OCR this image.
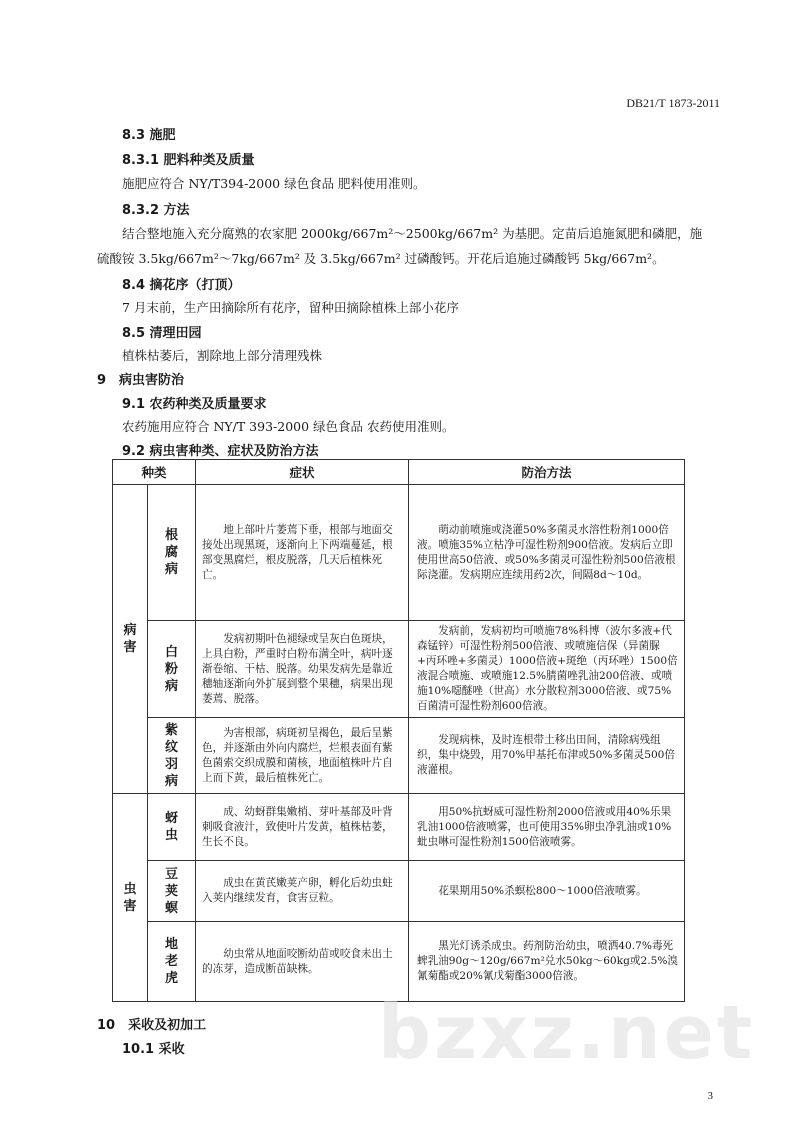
DB21/T 1873-2011
8.3 施肥
8.3.1 肥料种类及质量
施肥应符合 NY/T394-2000 绿色食品 肥料使用准则。
8.3.2 方法
结合整地施入充分腐熟的农家肥 2000kg/667m²～2500kg/667m² 为基肥。定苗后追施氮肥和磷肥，施
硫酸铵 3.5kg/667m²～7kg/667m² 及 3.5kg/667m² 过磷酸钙。开花后追施过磷酸钙 5kg/667m²。
8.4 摘花序（打顶）
7 月末前，生产田摘除所有花序，留种田摘除植株上部小花序
8.5 清理田园
植株枯萎后，割除地上部分清理残株
9　病虫害防治
9.1 农药种类及质量要求
农药施用应符合 NY/T 393-2000 绿色食品 农药使用准则。
9.2 病虫害种类、症状及防治方法
种类		症状	防治方法
病害	根腐病	地上部叶片萎蔫下垂，根部与地面交接处出现黑斑，逐渐向上下两端蔓延，根部变黑腐烂，根皮脱落，几天后植株死亡。	萌动前喷施或浇灌50%多菌灵水溶性粉剂1000倍液。喷施35%立枯净可湿性粉剂900倍液。发病后立即使用世高50倍液、或50%多菌灵可湿性粉剂500倍液根际浇灌。发病期应连续用药2次，间隔8d～10d。
	白粉病	发病初期叶色褪绿或呈灰白色斑块，上具白粉，严重时白粉布满全叶，病叶逐渐卷缩、干枯、脱落。幼果发病先是靠近穗轴逐渐向外扩展到整个果穗，病果出现萎蔫、脱落。	发病前，发病初均可喷施78%科博（波尔多液+代森锰锌）可湿性粉剂500倍液、或喷施信保（异菌脲+丙环唑+多菌灵）1000倍液+斑绝（丙环唑）1500倍液混合喷施、或喷施12.5%腈菌唑乳油200倍液、或喷施10%噁醚唑（世高）水分散粒剂3000倍液、或75%百菌清可湿性粉剂600倍液。
	紫纹羽病	为害根部，病斑初呈褐色，最后呈紫色，并逐渐由外向内腐烂，烂根表面有紫色菌索交织成膜和菌核，地面植株叶片自上而下黄，最后植株死亡。	发现病株，及时连根带土移出田间，清除病残组织，集中烧毁，用70%甲基托布津或50%多菌灵500倍液灌根。
虫害	蚜虫	成、幼蚜群集嫩梢、芽叶基部及叶背刺吸食液汁，致使叶片发黄，植株枯萎，生长不良。	用50%抗蚜威可湿性粉剂2000倍液或用40%乐果乳油1000倍液喷雾，也可使用35%卵虫净乳油或10%蚍虫啉可湿性粉剂1500倍液喷雾。
	豆荚螟	成虫在黄芪嫩荚产卵，孵化后幼虫蛀入荚内继续发育，食害豆粒。	花果期用50%杀螟松800～1000倍液喷雾。
	地老虎	幼虫常从地面咬断幼苗或咬食未出土的冻芽，造成断苗缺株。	黑光灯诱杀成虫。药剂防治幼虫，喷洒40.7%毒死蜱乳油90g～120g/667m²兑水50kg～60kg或2.5%溴氰菊酯或20%氰戊菊酯3000倍液。
bzxz.net
10　采收及初加工
10.1 采收
3
